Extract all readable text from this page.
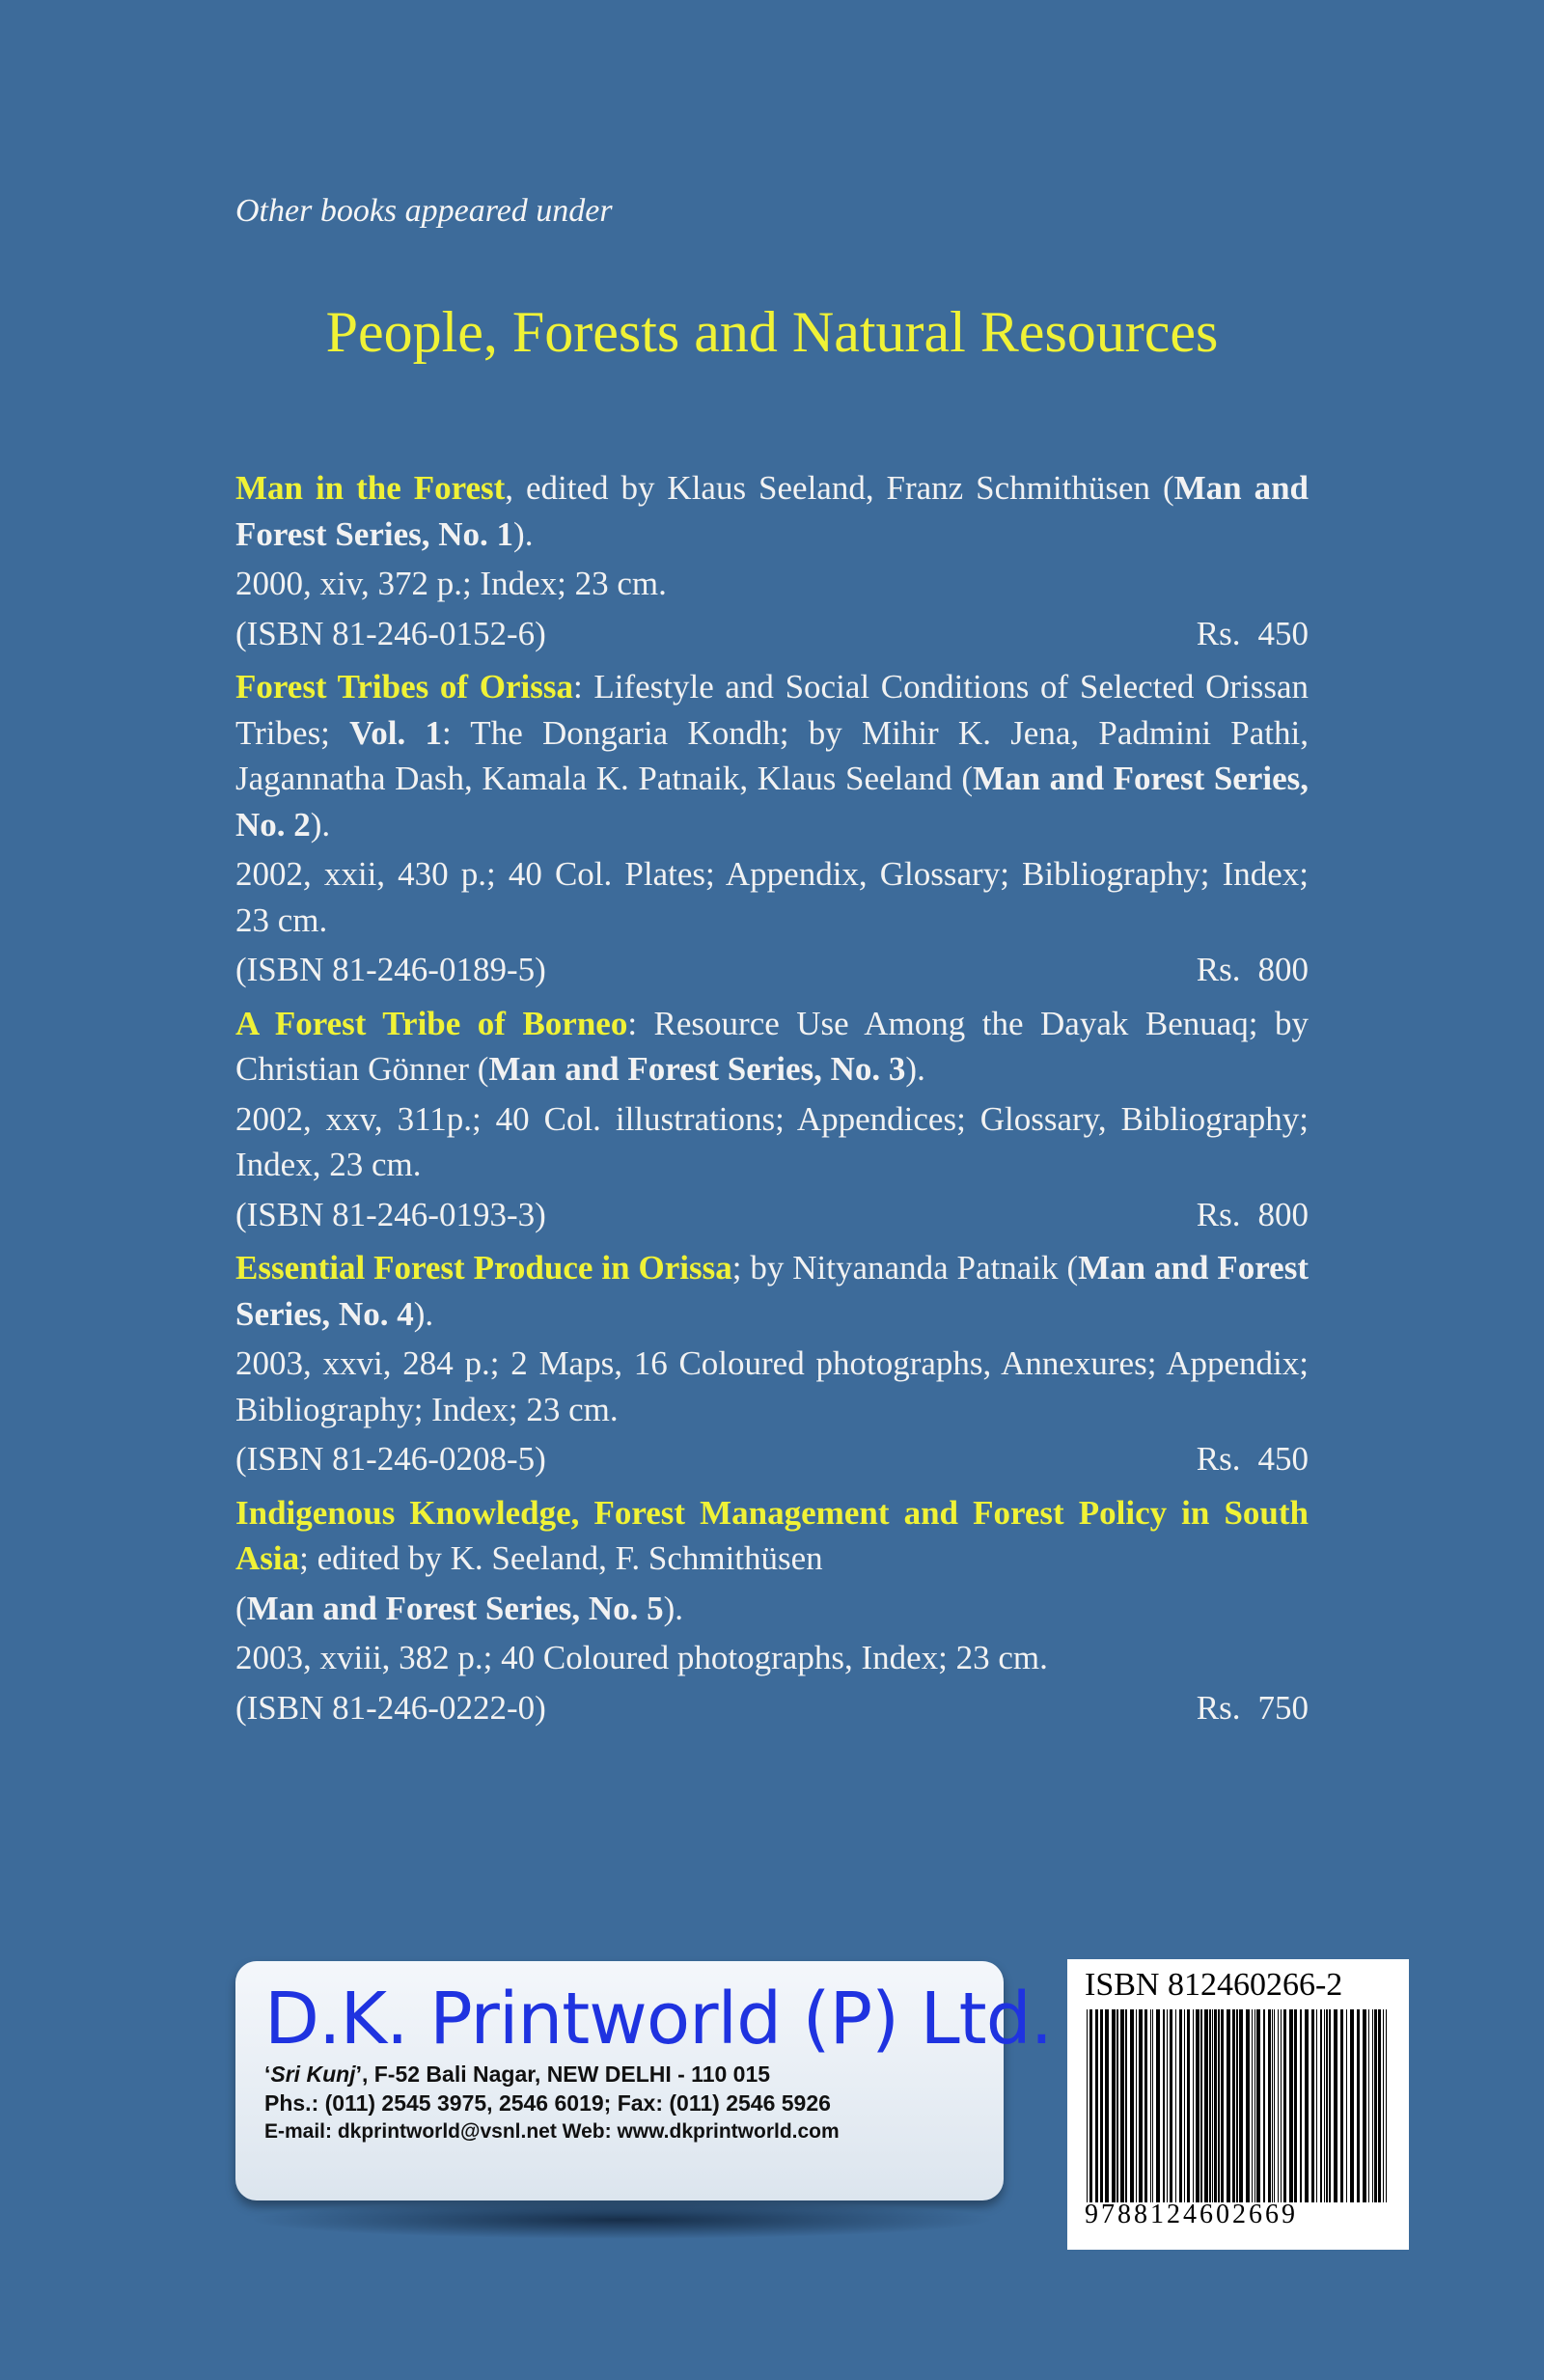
Other books appeared under
People, Forests and Natural Resources

Man in the Forest, edited by Klaus Seeland, Franz Schmithüsen (Man and Forest Series, No. 1).

2000, xiv, 372 p.; Index; 23 cm.

(ISBN 81-246-0152-6)	Rs. 450

Forest Tribes of Orissa: Lifestyle and Social Conditions of Selected Orissan Tribes; Vol. 1: The Dongaria Kondh; by Mihir K. Jena, Padmini Pathi, Jagannatha Dash, Kamala K. Patnaik, Klaus Seeland (Man and Forest Series, No. 2).

2002, xxii, 430 p.; 40 Col. Plates; Appendix, Glossary; Bibliography; Index; 23 cm.

(ISBN 81-246-0189-5)	Rs. 800

A Forest Tribe of Borneo: Resource Use Among the Dayak Benuaq; by Christian Gönner (Man and Forest Series, No. 3).

2002, xxv, 311p.; 40 Col. illustrations; Appendices; Glossary, Bibliography; Index, 23 cm.

(ISBN 81-246-0193-3)	Rs. 800

Essential Forest Produce in Orissa; by Nityananda Patnaik (Man and Forest Series, No. 4).

2003, xxvi, 284 p.; 2 Maps, 16 Coloured photographs, Annexures; Appendix; Bibliography; Index; 23 cm.

(ISBN 81-246-0208-5)	Rs. 450

Indigenous Knowledge, Forest Management and Forest Policy in South Asia; edited by K. Seeland, F. Schmithüsen

(Man and Forest Series, No. 5).

2003, xviii, 382 p.; 40 Coloured photographs, Index; 23 cm.

(ISBN 81-246-0222-0)	Rs. 750
D.K. Printworld (P) Ltd.
‘Sri Kunj’, F-52 Bali Nagar, NEW DELHI - 110 015
Phs.: (011) 2545 3975, 2546 6019; Fax: (011) 2546 5926
E-mail: dkprintworld@vsnl.net Web: www.dkprintworld.com
ISBN 812460266-2
9788124602669
